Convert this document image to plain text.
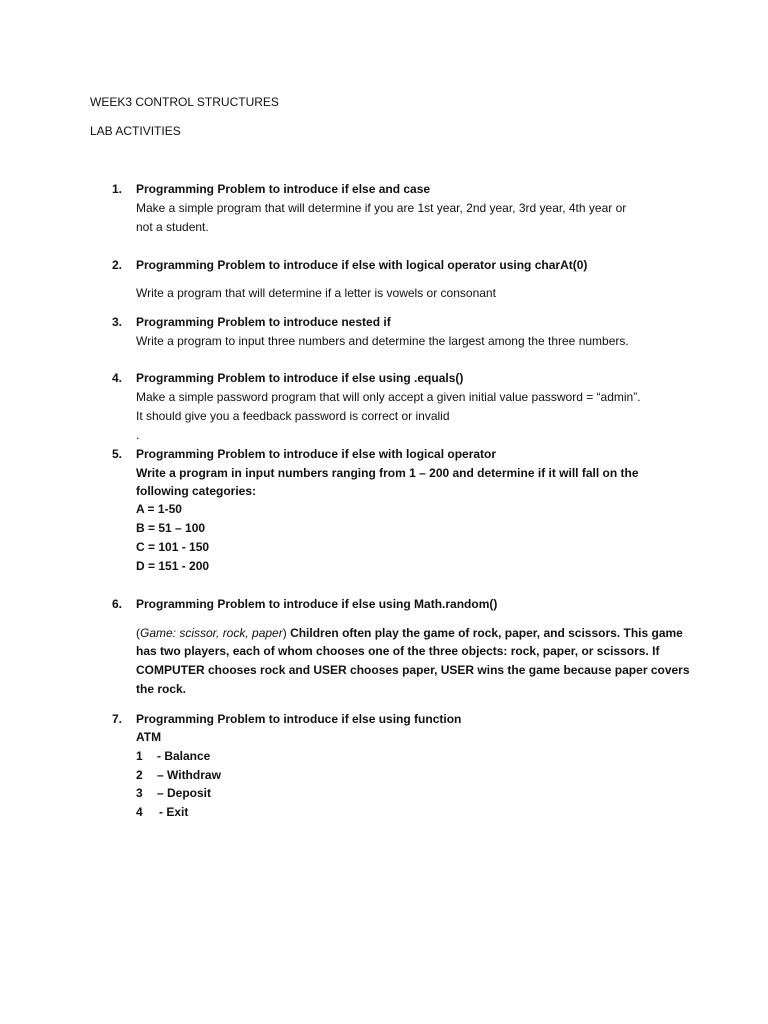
WEEK3 CONTROL STRUCTURES
LAB ACTIVITIES
1. Programming Problem to introduce if else and case
Make a simple program that will determine if you are 1st year, 2nd year, 3rd year, 4th year or
not a student.
2. Programming Problem to introduce if else with logical operator using charAt(0)
Write a program that will determine if a letter is vowels or consonant
3. Programming Problem to introduce nested if
Write a program to input three numbers and determine the largest among the three numbers.
4. Programming Problem to introduce if else using .equals()
Make a simple password program that will only accept a given initial value password = “admin”.
It should give you a feedback password is correct or invalid
.
5. Programming Problem to introduce if else with logical operator
Write a program in input numbers ranging from 1 – 200 and determine if it will fall on the
following categories:
A = 1-50
B = 51 – 100
C = 101 - 150
D = 151 - 200
6. Programming Problem to introduce if else using Math.random()
(Game: scissor, rock, paper) Children often play the game of rock, paper, and scissors. This game
has two players, each of whom chooses one of the three objects: rock, paper, or scissors. If
COMPUTER chooses rock and USER chooses paper, USER wins the game because paper covers
the rock.
7. Programming Problem to introduce if else using function
ATM
1 - Balance
2 – Withdraw
3 – Deposit
4 - Exit
